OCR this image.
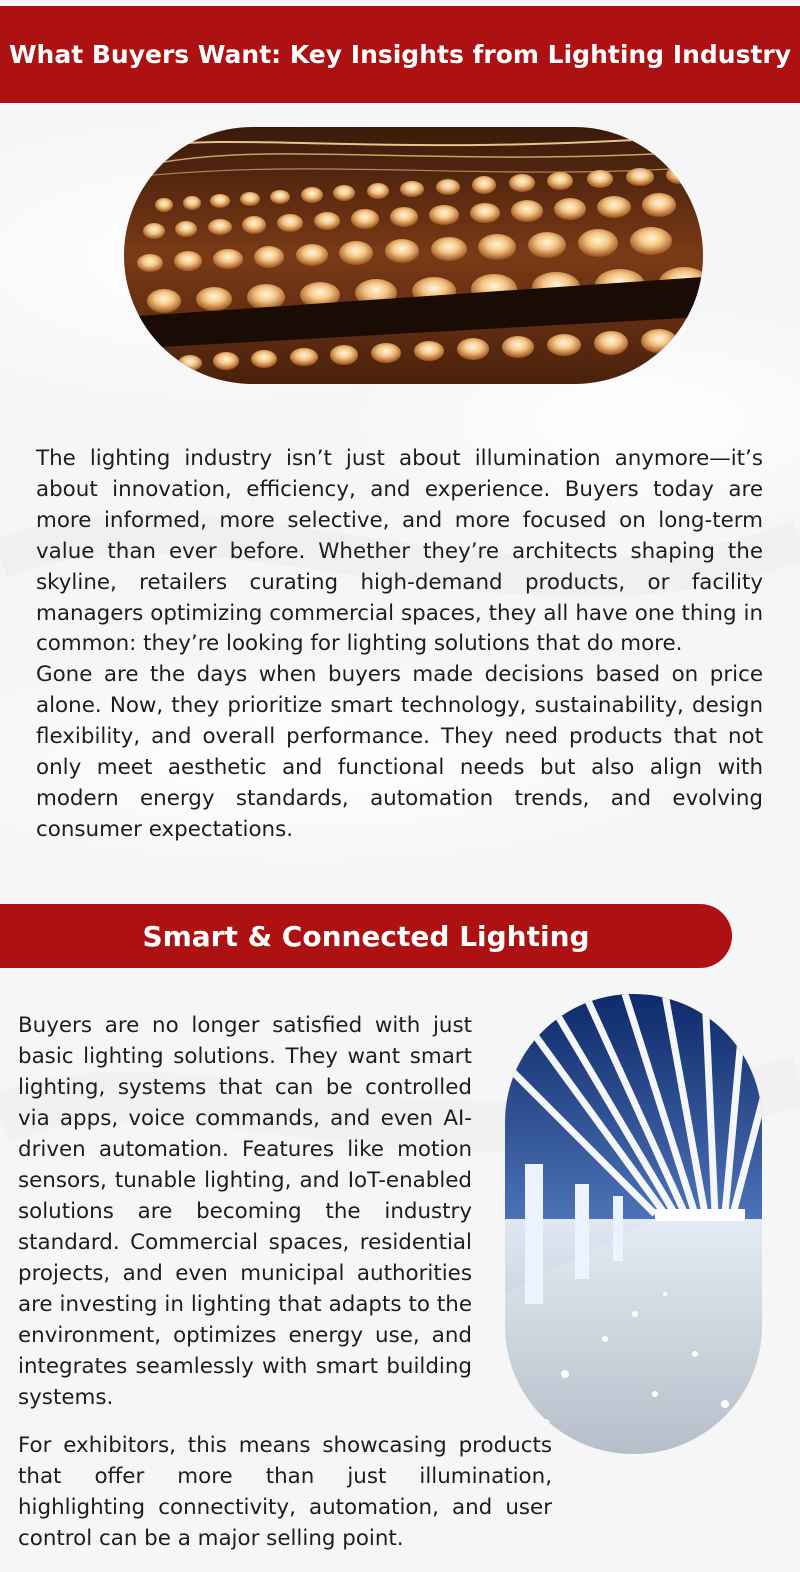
What Buyers Want: Key Insights from Lighting Industry

The lighting industry isn’t just about illumination anymore—it’s about innovation, efficiency, and experience. Buyers today are more informed, more selective, and more focused on long-term value than ever before. Whether they’re architects shaping the skyline, retailers curating high-demand products, or facility managers optimizing commercial spaces, they all have one thing in common: they’re looking for lighting solutions that do more.

Gone are the days when buyers made decisions based on price alone. Now, they prioritize smart technology, sustainability, design flexibility, and overall performance. They need products that not only meet aesthetic and functional needs but also align with modern energy standards, automation trends, and evolving consumer expectations.

Smart & Connected Lighting

Buyers are no longer satisfied with just basic lighting solutions. They want smart lighting, systems that can be controlled via apps, voice commands, and even AI-driven automation. Features like motion sensors, tunable lighting, and IoT-enabled solutions are becoming the industry standard. Commercial spaces, residential projects, and even municipal authorities are investing in lighting that adapts to the environment, optimizes energy use, and integrates seamlessly with smart building systems.

For exhibitors, this means showcasing products that offer more than just illumination, highlighting connectivity, automation, and user control can be a major selling point.
